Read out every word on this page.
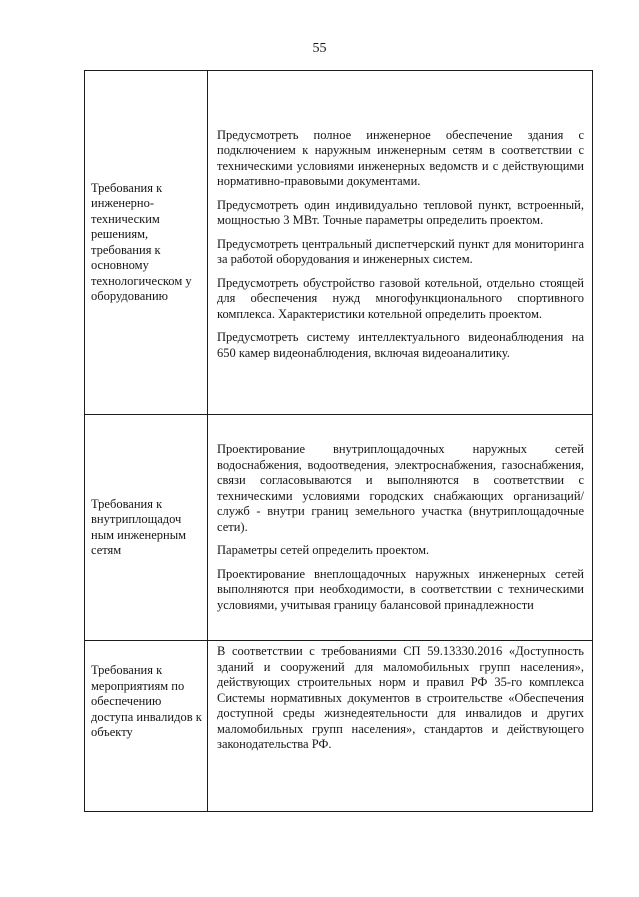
55
Требования к инженерно-техническим решениям, требования к основному технологическом у оборудованию	Предусмотреть полное инженерное обеспечение здания с подключением к наружным инженерным сетям в соответствии с техническими условиями инженерных ведомств и с действующими нормативно-правовыми документами.

Предусмотреть один индивидуально тепловой пункт, встроенный, мощностью 3 МВт. Точные параметры определить проектом.

Предусмотреть центральный диспетчерский пункт для мониторинга за работой оборудования и инженерных систем.

Предусмотреть обустройство газовой котельной, отдельно стоящей для обеспечения нужд многофункционального спортивного комплекса. Характеристики котельной определить проектом.

Предусмотреть систему интеллектуального видеонаблюдения на 650 камер видеонаблюдения, включая видеоаналитику.

Требования к внутриплощадоч ным инженерным сетям	Проектирование внутриплощадочных наружных сетей водоснабжения, водоотведения, электроснабжения, газоснабжения, связи согласовываются и выполняются в соответствии с техническими условиями городских снабжающих организаций/служб - внутри границ земельного участка (внутриплощадочные сети).

Параметры сетей определить проектом.

Проектирование внеплощадочных наружных инженерных сетей выполняются при необходимости, в соответствии с техническими условиями, учитывая границу балансовой принадлежности

Требования к мероприятиям по обеспечению доступа инвалидов к объекту	В соответствии с требованиями СП 59.13330.2016 «Доступность зданий и сооружений для маломобильных групп населения», действующих строительных норм и правил РФ 35-го комплекса Системы нормативных документов в строительстве «Обеспечения доступной среды жизнедеятельности для инвалидов и других маломобильных групп населения», стандартов и действующего законодательства РФ.
